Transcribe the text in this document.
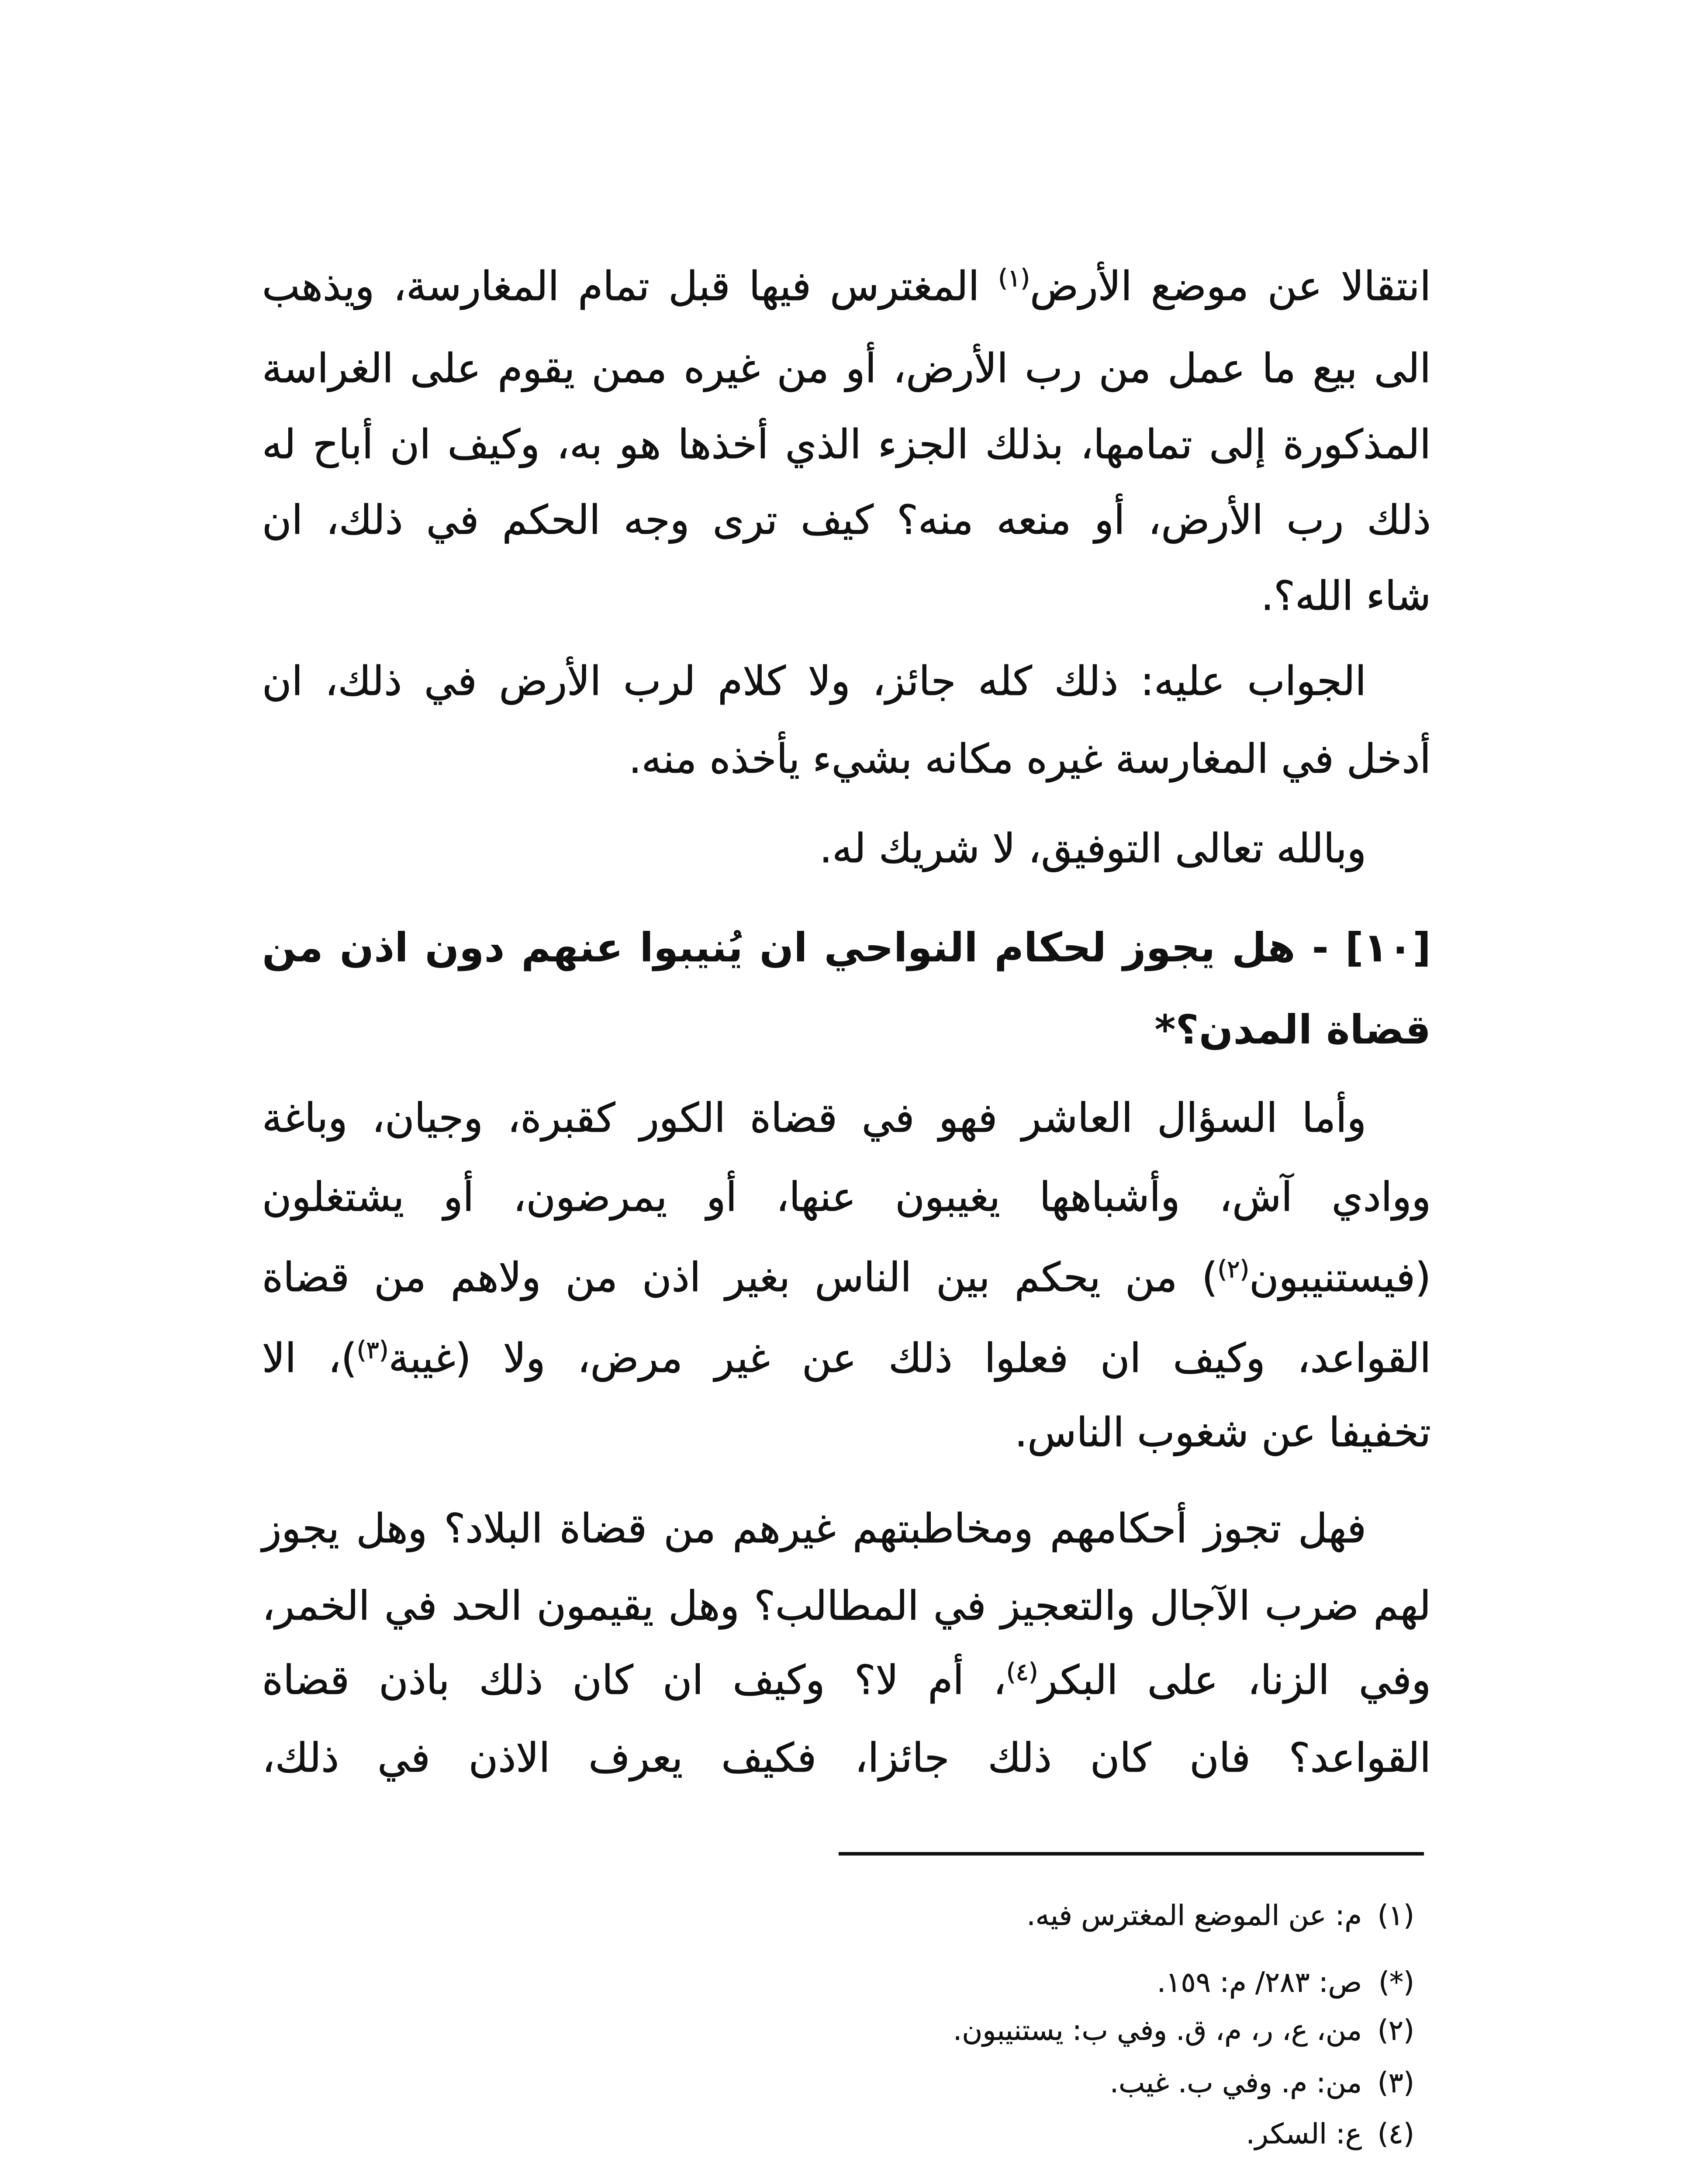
انتقالا عن موضع الأرض$^{(١)}$ المغترس فيها قبل تمام المغارسة، ويذهب
الى بيع ما عمل من رب الأرض، أو من غيره ممن يقوم على الغراسة
المذكورة إلى تمامها، بذلك الجزء الذي أخذها هو به، وكيف ان أباح له
ذلك رب الأرض، أو منعه منه؟ كيف ترى وجه الحكم في ذلك، ان
شاء الله؟.
الجواب عليه: ذلك كله جائز، ولا كلام لرب الأرض في ذلك، ان
أدخل في المغارسة غيره مكانه بشيء يأخذه منه.
وبالله تعالى التوفيق، لا شريك له.
[١٠] - هل يجوز لحكام النواحي ان يُنيبوا عنهم دون اذن من
قضاة المدن؟*
وأما السؤال العاشر فهو في قضاة الكور كقبرة، وجيان، وباغة
ووادي آش، وأشباهها يغيبون عنها، أو يمرضون، أو يشتغلون
(فيستنيبون$^{(٢)}$) من يحكم بين الناس بغير اذن من ولاهم من قضاة
القواعد، وكيف ان فعلوا ذلك عن غير مرض، ولا (غيبة$^{(٣)}$)، الا
تخفيفا عن شغوب الناس.
فهل تجوز أحكامهم ومخاطبتهم غيرهم من قضاة البلاد؟ وهل يجوز
لهم ضرب الآجال والتعجيز في المطالب؟ وهل يقيمون الحد في الخمر،
وفي الزنا، على البكر$^{(٤)}$، أم لا؟ وكيف ان كان ذلك باذن قضاة
القواعد؟ فان كان ذلك جائزا، فكيف يعرف الاذن في ذلك،
(١)م: عن الموضع المغترس فيه.
(*)ص: ٢٨٣/ م: ١٥٩.
(٢)من، ع، ر، م، ق. وفي ب: يستنيبون.
(٣)من: م. وفي ب. غيب.
(٤)ع: السكر.
